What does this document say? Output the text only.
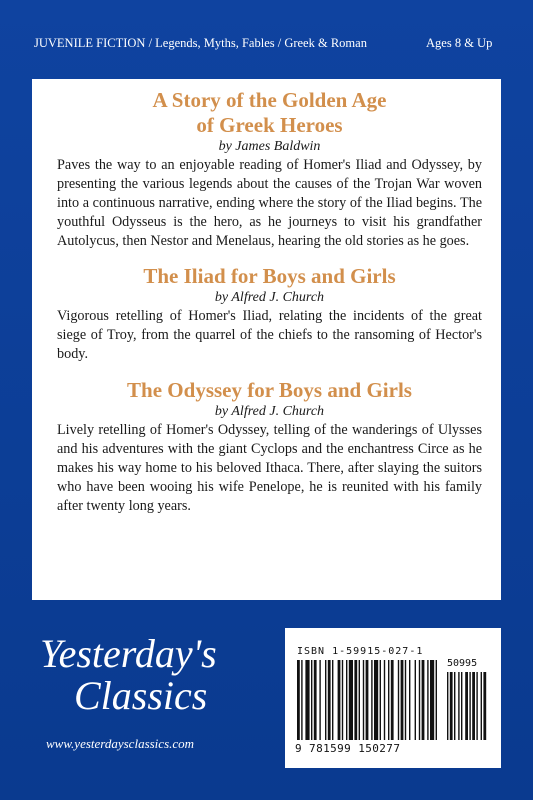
JUVENILE FICTION / Legends, Myths, Fables / Greek & Roman	Ages 8 & Up

A Story of the Golden Age
of Greek Heroes

by James Baldwin

Paves the way to an enjoyable reading of Homer's Iliad and Odyssey, by presenting the various legends about the causes of the Trojan War woven into a continuous narrative, ending where the story of the Iliad begins. The youthful Odysseus is the hero, as he journeys to visit his grandfather Autolycus, then Nestor and Menelaus, hearing the old stories as he goes.

The Iliad for Boys and Girls

by Alfred J. Church

Vigorous retelling of Homer's Iliad, relating the incidents of the great siege of Troy, from the quarrel of the chiefs to the ransoming of Hector's body.

The Odyssey for Boys and Girls

by Alfred J. Church

Lively retelling of Homer's Odyssey, telling of the wanderings of Ulysses and his adventures with the giant Cyclops and the enchantress Circe as he makes his way home to his beloved Ithaca. There, after slaying the suitors who have been wooing his wife Penelope, he is reunited with his family after twenty long years.

Yesterday's
Classics
www.yesterdaysclassics.com
ISBN 1-59915-027-1
50995
9 781599 150277
